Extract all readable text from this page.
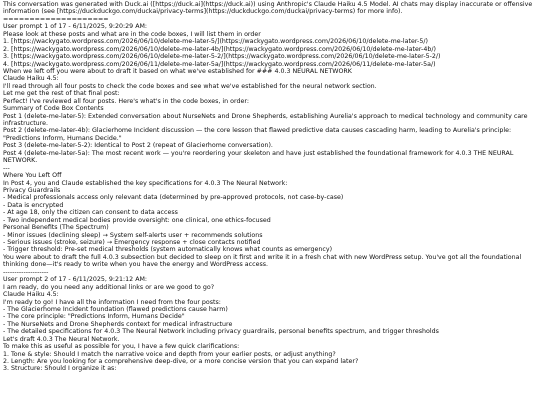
This conversation was generated with Duck.ai ([https://duck.ai](https://duck.ai)) using Anthropic's Claude Haiku 4.5 Model. AI chats may display inaccurate or offensive information (see [https://duckduckgo.com/duckai/privacy-terms](https://duckduckgo.com/duckai/privacy-terms) for more info).
====================
User prompt 1 of 17 - 6/11/2025, 9:20:29 AM:
Please look at these posts and what are in the code boxes, I will list them in order
1. [https://wackygato.wordpress.com/2026/06/10/delete-me-later-5/](https://wackygato.wordpress.com/2026/06/10/delete-me-later-5/)
2. [https://wackygato.wordpress.com/2026/06/10/delete-me-later-4b/](https://wackygato.wordpress.com/2026/06/10/delete-me-later-4b/)
3. [https://wackygato.wordpress.com/2026/06/10/delete-me-later-5-2/](https://wackygato.wordpress.com/2026/06/10/delete-me-later-5-2/)
4. [https://wackygato.wordpress.com/2026/06/11/delete-me-later-5a/](https://wackygato.wordpress.com/2026/06/11/delete-me-later-5a/)
When we left off you were about to draft it based on what we've established for ### 4.0.3 NEURAL NETWORK
Claude Haiku 4.5:
I'll read through all four posts to check the code boxes and see what we've established for the neural network section.
Let me get the rest of that final post:
Perfect! I've reviewed all four posts. Here's what's in the code boxes, in order:
Summary of Code Box Contents
Post 1 (delete-me-later-5): Extended conversation about NurseNets and Drone Shepherds, establishing Aurelia's approach to medical technology and community care infrastructure.
Post 2 (delete-me-later-4b): Glacierhome Incident discussion — the core lesson that flawed predictive data causes cascading harm, leading to Aurelia's principle: "Predictions Inform, Humans Decide."
Post 3 (delete-me-later-5-2): Identical to Post 2 (repeat of Glacierhome conversation).
Post 4 (delete-me-later-5a): The most recent work — you're reordering your skeleton and have just established the foundational framework for 4.0.3 THE NEURAL NETWORK.
---
Where You Left Off
In Post 4, you and Claude established the key specifications for 4.0.3 The Neural Network:
Privacy Guardrails
- Medical professionals access only relevant data (determined by pre-approved protocols, not case-by-case)
- Data is encrypted
- At age 18, only the citizen can consent to data access
- Two independent medical bodies provide oversight: one clinical, one ethics-focused
Personal Benefits (The Spectrum)
- Minor issues (declining sleep) → System self-alerts user + recommends solutions
- Serious issues (stroke, seizure) → Emergency response + close contacts notified
- Trigger threshold: Pre-set medical thresholds (system automatically knows what counts as emergency)
You were about to draft the full 4.0.3 subsection but decided to sleep on it first and write it in a fresh chat with new WordPress setup. You've got all the foundational thinking done—it's ready to write when you have the energy and WordPress access.
--------------------
User prompt 2 of 17 - 6/11/2025, 9:21:12 AM:
I am ready, do you need any additional links or are we good to go?
Claude Haiku 4.5:
I'm ready to go! I have all the information I need from the four posts:
- The Glacierhome Incident foundation (flawed predictions cause harm)
- The core principle: "Predictions Inform, Humans Decide"
- The NurseNets and Drone Shepherds context for medical infrastructure
- The detailed specifications for 4.0.3 The Neural Network including privacy guardrails, personal benefits spectrum, and trigger thresholds
Let's draft 4.0.3 The Neural Network.
To make this as useful as possible for you, I have a few quick clarifications:
1. Tone & style: Should I match the narrative voice and depth from your earlier posts, or adjust anything?
2. Length: Are you looking for a comprehensive deep-dive, or a more concise version that you can expand later?
3. Structure: Should I organize it as:
